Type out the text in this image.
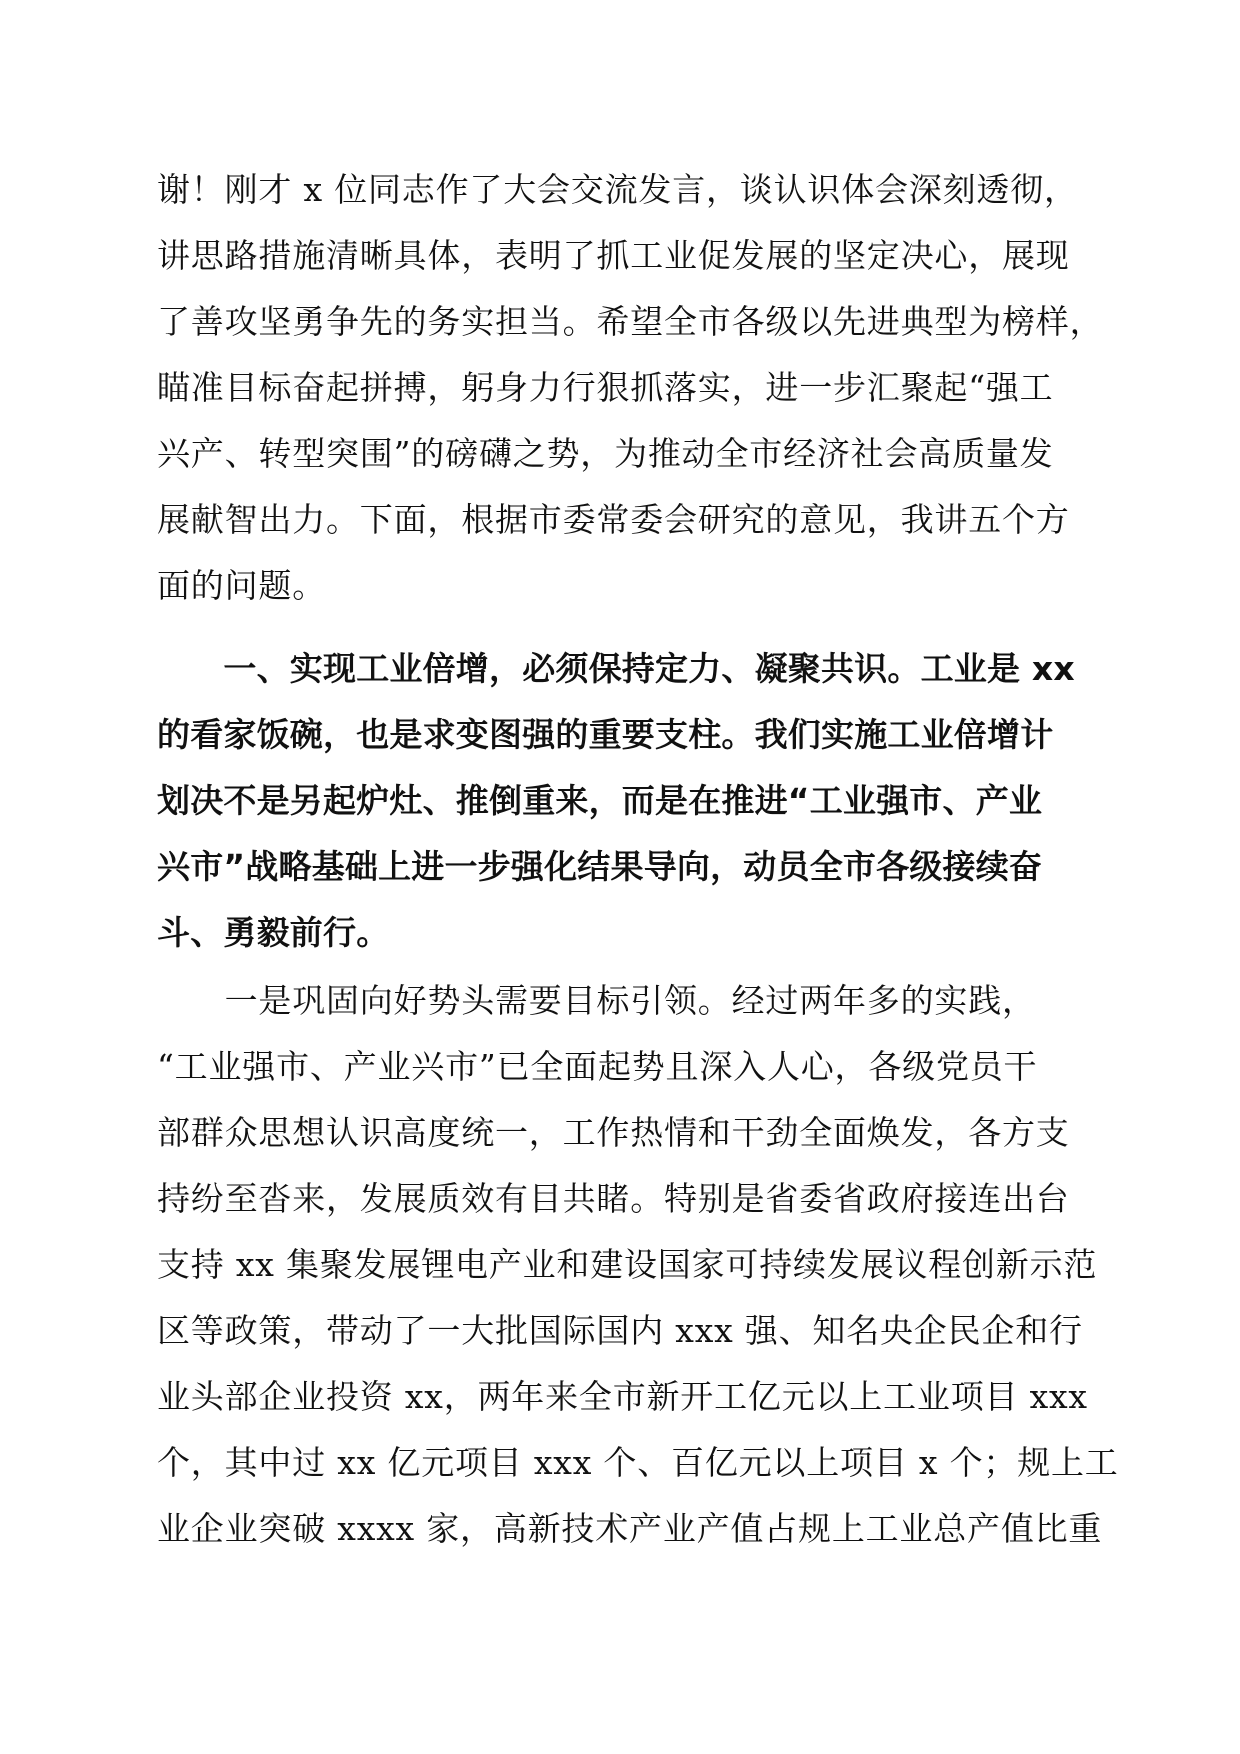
谢！刚才 x 位同志作了大会交流发言，谈认识体会深刻透彻，
讲思路措施清晰具体，表明了抓工业促发展的坚定决心，展现
了善攻坚勇争先的务实担当。希望全市各级以先进典型为榜样，
瞄准目标奋起拼搏，躬身力行狠抓落实，进一步汇聚起“强工
兴产、转型突围”的磅礴之势，为推动全市经济社会高质量发
展献智出力。下面，根据市委常委会研究的意见，我讲五个方
面的问题。
　　一、实现工业倍增，必须保持定力、凝聚共识。工业是 xx
的看家饭碗，也是求变图强的重要支柱。我们实施工业倍增计
划决不是另起炉灶、推倒重来，而是在推进“工业强市、产业
兴市”战略基础上进一步强化结果导向，动员全市各级接续奋
斗、勇毅前行。
　　一是巩固向好势头需要目标引领。经过两年多的实践，
“工业强市、产业兴市”已全面起势且深入人心，各级党员干
部群众思想认识高度统一，工作热情和干劲全面焕发，各方支
持纷至沓来，发展质效有目共睹。特别是省委省政府接连出台
支持 xx 集聚发展锂电产业和建设国家可持续发展议程创新示范
区等政策，带动了一大批国际国内 xxx 强、知名央企民企和行
业头部企业投资 xx，两年来全市新开工亿元以上工业项目 xxx
个，其中过 xx 亿元项目 xxx 个、百亿元以上项目 x 个；规上工
业企业突破 xxxx 家，高新技术产业产值占规上工业总产值比重
